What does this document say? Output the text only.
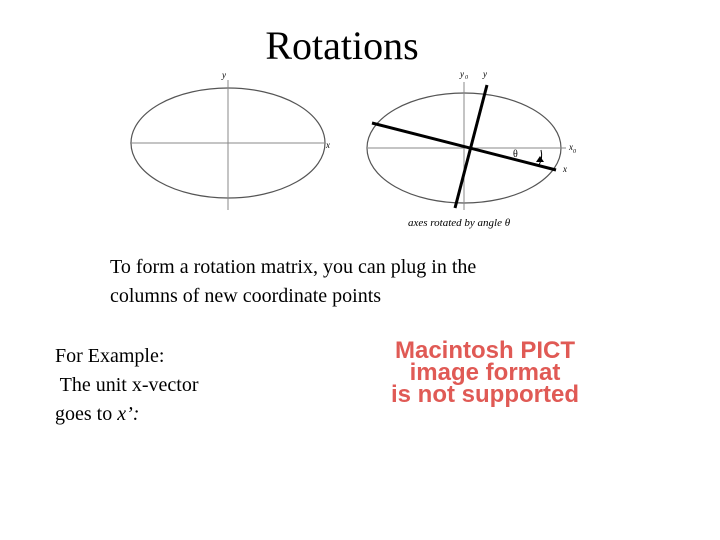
Rotations
y
x
y 0 y
x 0
x
θ
axes rotated by angle θ
To form a rotation matrix, you can plug in the
columns of new coordinate points
For Example:
The unit x-vector
goes to x’:
Macintosh PICT
image format
is not supported
